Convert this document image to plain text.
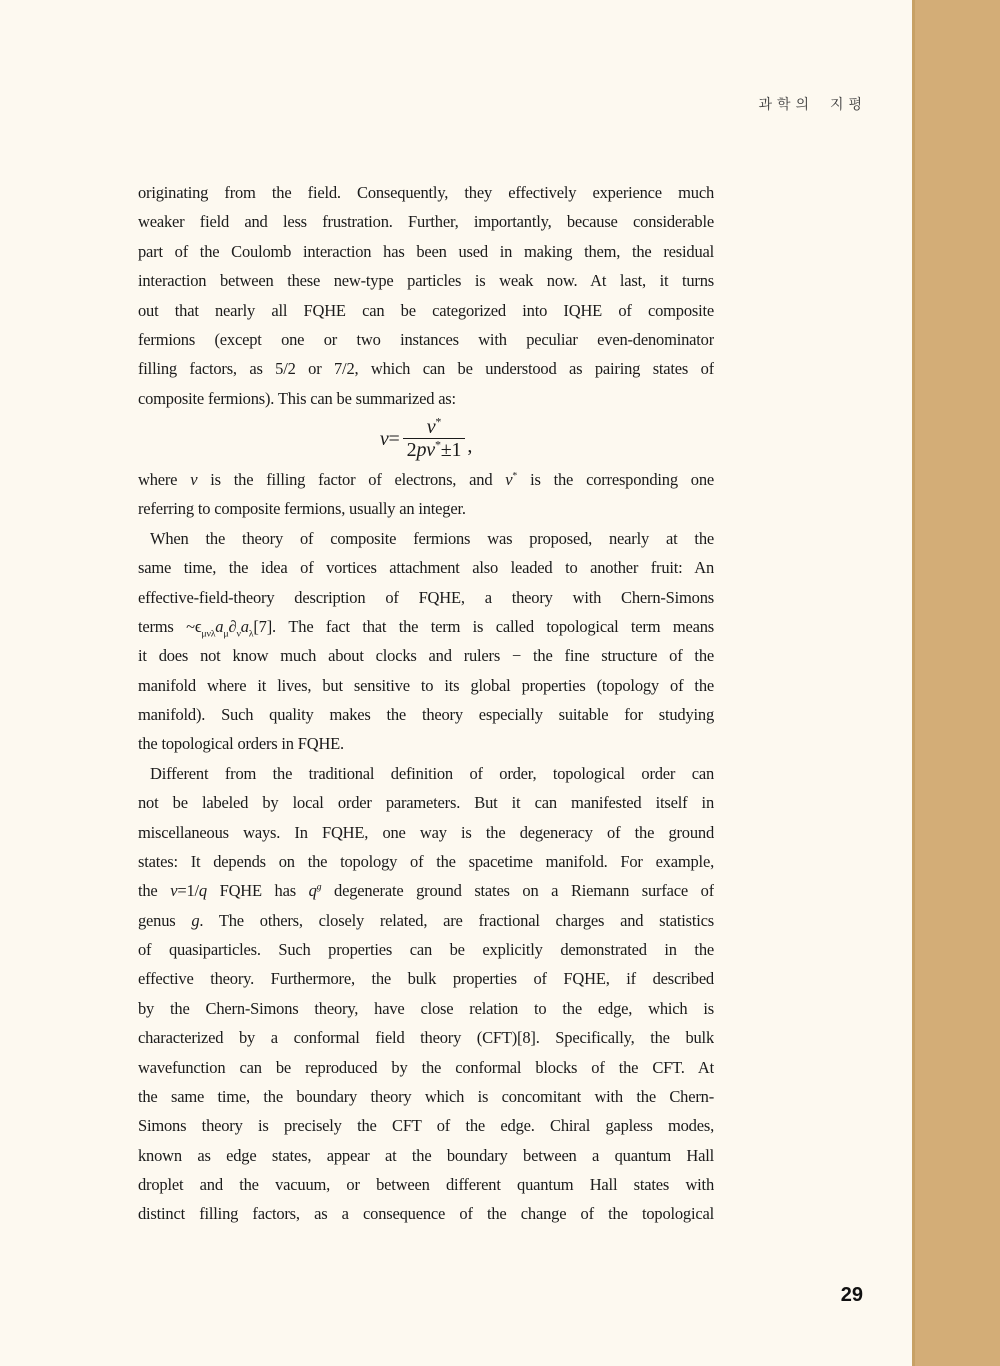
과학의 지평
originating from the field. Consequently, they effectively experience much
weaker field and less frustration. Further, importantly, because considerable
part of the Coulomb interaction has been used in making them, the residual
interaction between these new-type particles is weak now. At last, it turns
out that nearly all FQHE can be categorized into IQHE of composite
fermions (except one or two instances with peculiar even-denominator
filling factors, as 5/2 or 7/2, which can be understood as pairing states of
composite fermions). This can be summarized as:
$v= \frac{v^*}{2pv^*\pm 1}$ ,
where v is the filling factor of electrons, and v* is the corresponding one
referring to composite fermions, usually an integer.
When the theory of composite fermions was proposed, nearly at the
same time, the idea of vortices attachment also leaded to another fruit: An
effective-field-theory description of FQHE, a theory with Chern-Simons
terms $\sim\epsilon_{\mu\nu\lambda}a_\mu\partial_\nu a_\lambda[7]$. The fact that the term is called topological term means
it does not know much about clocks and rulers − the fine structure of the
manifold where it lives, but sensitive to its global properties (topology of the
manifold). Such quality makes the theory especially suitable for studying
the topological orders in FQHE.
Different from the traditional definition of order, topological order can
not be labeled by local order parameters. But it can manifested itself in
miscellaneous ways. In FQHE, one way is the degeneracy of the ground
states: It depends on the topology of the spacetime manifold. For example,
the v=1/q FQHE has $q^g$ degenerate ground states on a Riemann surface of
genus g. The others, closely related, are fractional charges and statistics
of quasiparticles. Such properties can be explicitly demonstrated in the
effective theory. Furthermore, the bulk properties of FQHE, if described
by the Chern-Simons theory, have close relation to the edge, which is
characterized by a conformal field theory (CFT)[8]. Specifically, the bulk
wavefunction can be reproduced by the conformal blocks of the CFT. At
the same time, the boundary theory which is concomitant with the Chern-
Simons theory is precisely the CFT of the edge. Chiral gapless modes,
known as edge states, appear at the boundary between a quantum Hall
droplet and the vacuum, or between different quantum Hall states with
distinct filling factors, as a consequence of the change of the topological
29
